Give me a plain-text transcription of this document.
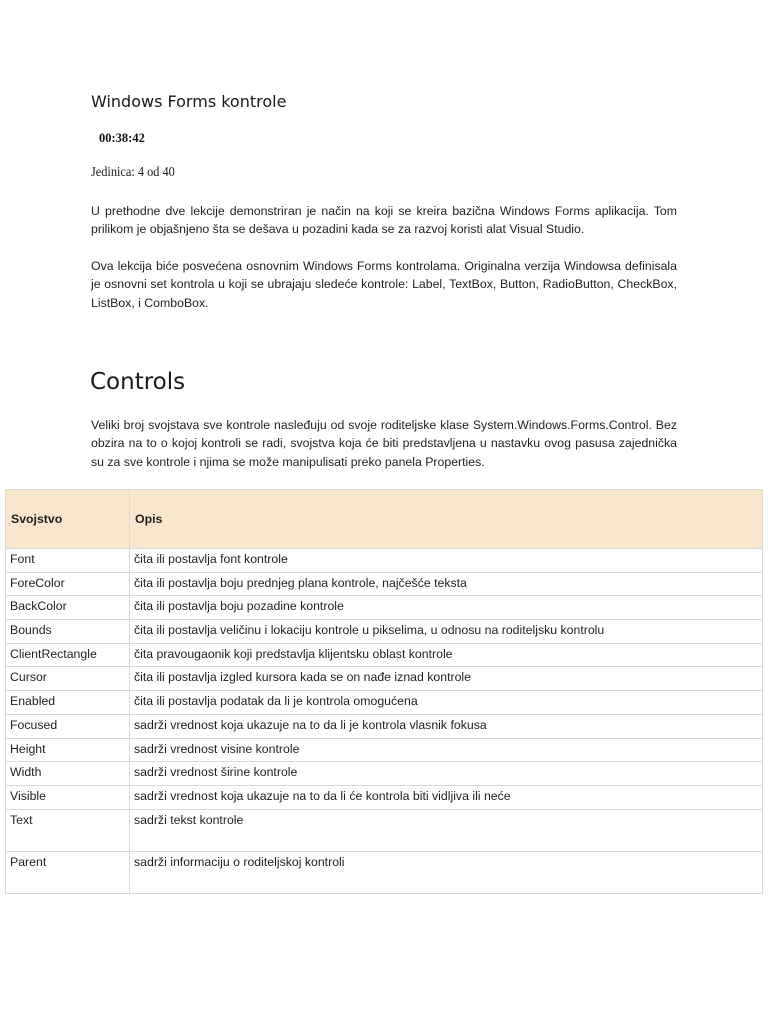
Windows Forms kontrole
00:38:42
Jedinica: 4 od 40

U prethodne dve lekcije demonstriran je način na koji se kreira bazična Windows Forms aplikacija. Tom prilikom je objašnjeno šta se dešava u pozadini kada se za razvoj koristi alat Visual Studio.

Ova lekcija biće posvećena osnovnim Windows Forms kontrolama. Originalna verzija Windowsa definisala je osnovni set kontrola u koji se ubrajaju sledeće kontrole: Label, TextBox, Button, RadioButton, CheckBox, ListBox, i ComboBox.

Controls

Veliki broj svojstava sve kontrole nasleđuju od svoje roditeljske klase System.Windows.Forms.Control. Bez obzira na to o kojoj kontroli se radi, svojstva koja će biti predstavljena u nastavku ovog pasusa zajednička su za sve kontrole i njima se može manipulisati preko panela Properties.

Svojstvo	Opis
Font	čita ili postavlja font kontrole
ForeColor	čita ili postavlja boju prednjeg plana kontrole, najčešće teksta
BackColor	čita ili postavlja boju pozadine kontrole
Bounds	čita ili postavlja veličinu i lokaciju kontrole u pikselima, u odnosu na roditeljsku kontrolu
ClientRectangle	čita pravougaonik koji predstavlja klijentsku oblast kontrole
Cursor	čita ili postavlja izgled kursora kada se on nađe iznad kontrole
Enabled	čita ili postavlja podatak da li je kontrola omogućena
Focused	sadrži vrednost koja ukazuje na to da li je kontrola vlasnik fokusa
Height	sadrži vrednost visine kontrole
Width	sadrži vrednost širine kontrole
Visible	sadrži vrednost koja ukazuje na to da li će kontrola biti vidljiva ili neće
Text	sadrži tekst kontrole
Parent	sadrži informaciju o roditeljskoj kontroli
